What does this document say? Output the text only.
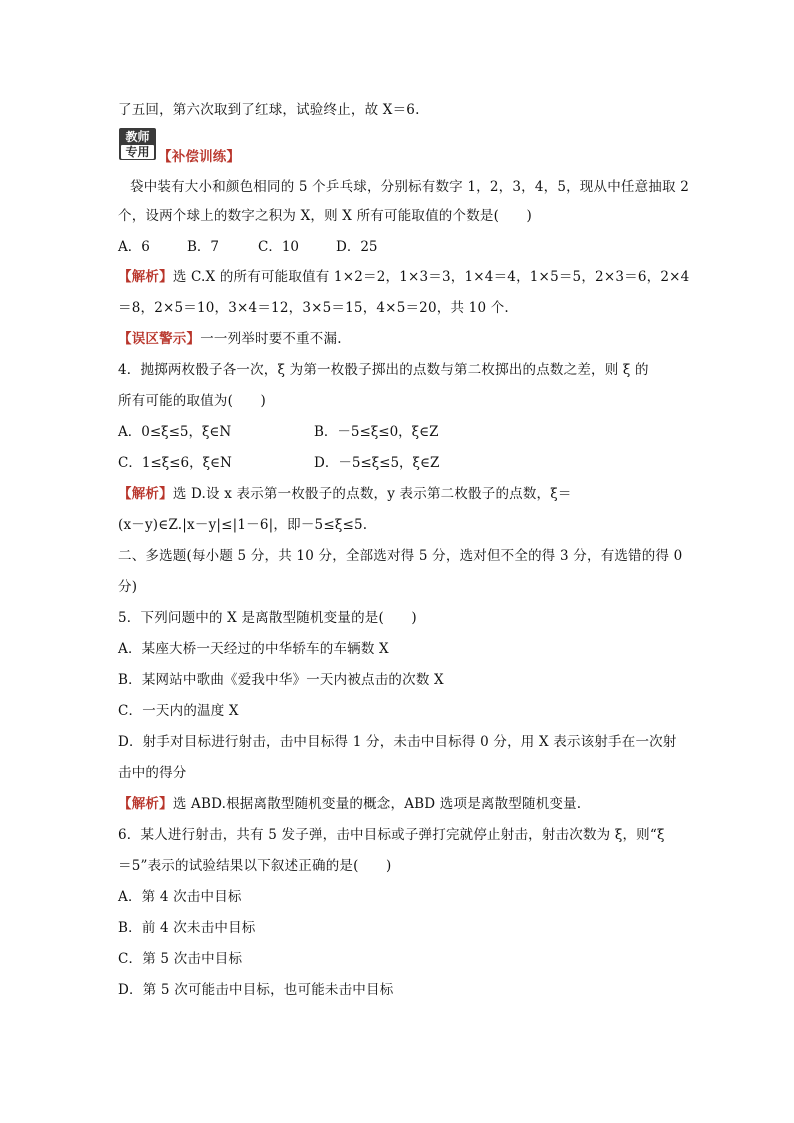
了五回，第六次取到了红球，试验终止，故 X＝6.
教师
专用 【补偿训练】
袋中装有大小和颜色相同的 5 个乒乓球，分别标有数字 1，2，3，4，5，现从中任意抽取 2
个，设两个球上的数字之积为 X，则 X 所有可能取值的个数是(　　)
A．6	B．7	C．10	D．25
【解析】选 C.X 的所有可能取值有 1×2＝2，1×3＝3，1×4＝4，1×5＝5，2×3＝6，2×4
＝8，2×5＝10，3×4＝12，3×5＝15，4×5＝20，共 10 个.
【误区警示】一一列举时要不重不漏.
4．抛掷两枚骰子各一次，ξ 为第一枚骰子掷出的点数与第二枚掷出的点数之差，则 ξ 的
所有可能的取值为(　　)
A．0≤ξ≤5，ξ∈N	B．－5≤ξ≤0，ξ∈Z
C．1≤ξ≤6，ξ∈N	D．－5≤ξ≤5，ξ∈Z
【解析】选 D.设 x 表示第一枚骰子的点数，y 表示第二枚骰子的点数，ξ＝
(x－y)∈Z.|x－y|≤|1－6|，即－5≤ξ≤5.
二、多选题(每小题 5 分，共 10 分，全部选对得 5 分，选对但不全的得 3 分，有选错的得 0
分)
5．下列问题中的 X 是离散型随机变量的是(　　)
A．某座大桥一天经过的中华轿车的车辆数 X
B．某网站中歌曲《爱我中华》一天内被点击的次数 X
C．一天内的温度 X
D．射手对目标进行射击，击中目标得 1 分，未击中目标得 0 分，用 X 表示该射手在一次射
击中的得分
【解析】选 ABD.根据离散型随机变量的概念，ABD 选项是离散型随机变量.
6．某人进行射击，共有 5 发子弹，击中目标或子弹打完就停止射击，射击次数为 ξ，则“ξ
＝5”表示的试验结果以下叙述正确的是(　　)
A．第 4 次击中目标
B．前 4 次未击中目标
C．第 5 次击中目标
D．第 5 次可能击中目标，也可能未击中目标
